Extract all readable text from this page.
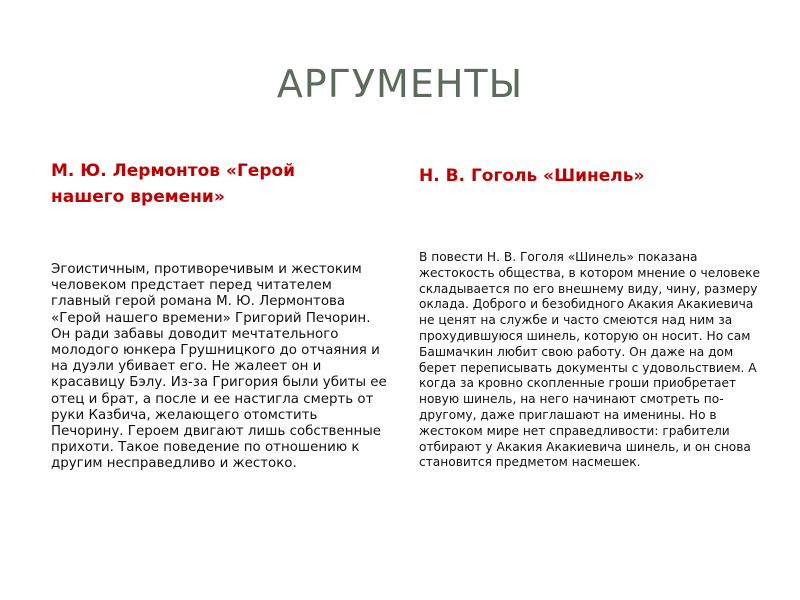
АРГУМЕНТЫ
М. Ю. Лермонтов «Герой нашего времени»

Эгоистичным, противоречивым и жестоким человеком предстает перед читателем главный герой романа М. Ю. Лермонтова «Герой нашего времени» Григорий Печорин. Он ради забавы доводит мечтательного молодого юнкера Грушницкого до отчаяния и на дуэли убивает его. Не жалеет он и красавицу Бэлу. Из-за Григория были убиты ее отец и брат, а после и ее настигла смерть от руки Казбича, желающего отомстить Печорину. Героем двигают лишь собственные прихоти. Такое поведение по отношению к другим несправедливо и жестоко.

Н. В. Гоголь «Шинель»

В повести Н. В. Гоголя «Шинель» показана жестокость общества, в котором мнение о человеке складывается по его внешнему виду, чину, размеру оклада. Доброго и безобидного Акакия Акакиевича не ценят на службе и часто смеются над ним за прохудившуюся шинель, которую он носит. Но сам Башмачкин любит свою работу. Он даже на дом берет переписывать документы с удовольствием. А когда за кровно скопленные гроши приобретает новую шинель, на него начинают смотреть по-другому, даже приглашают на именины. Но в жестоком мире нет справедливости: грабители отбирают у Акакия Акакиевича шинель, и он снова становится предметом насмешек.
